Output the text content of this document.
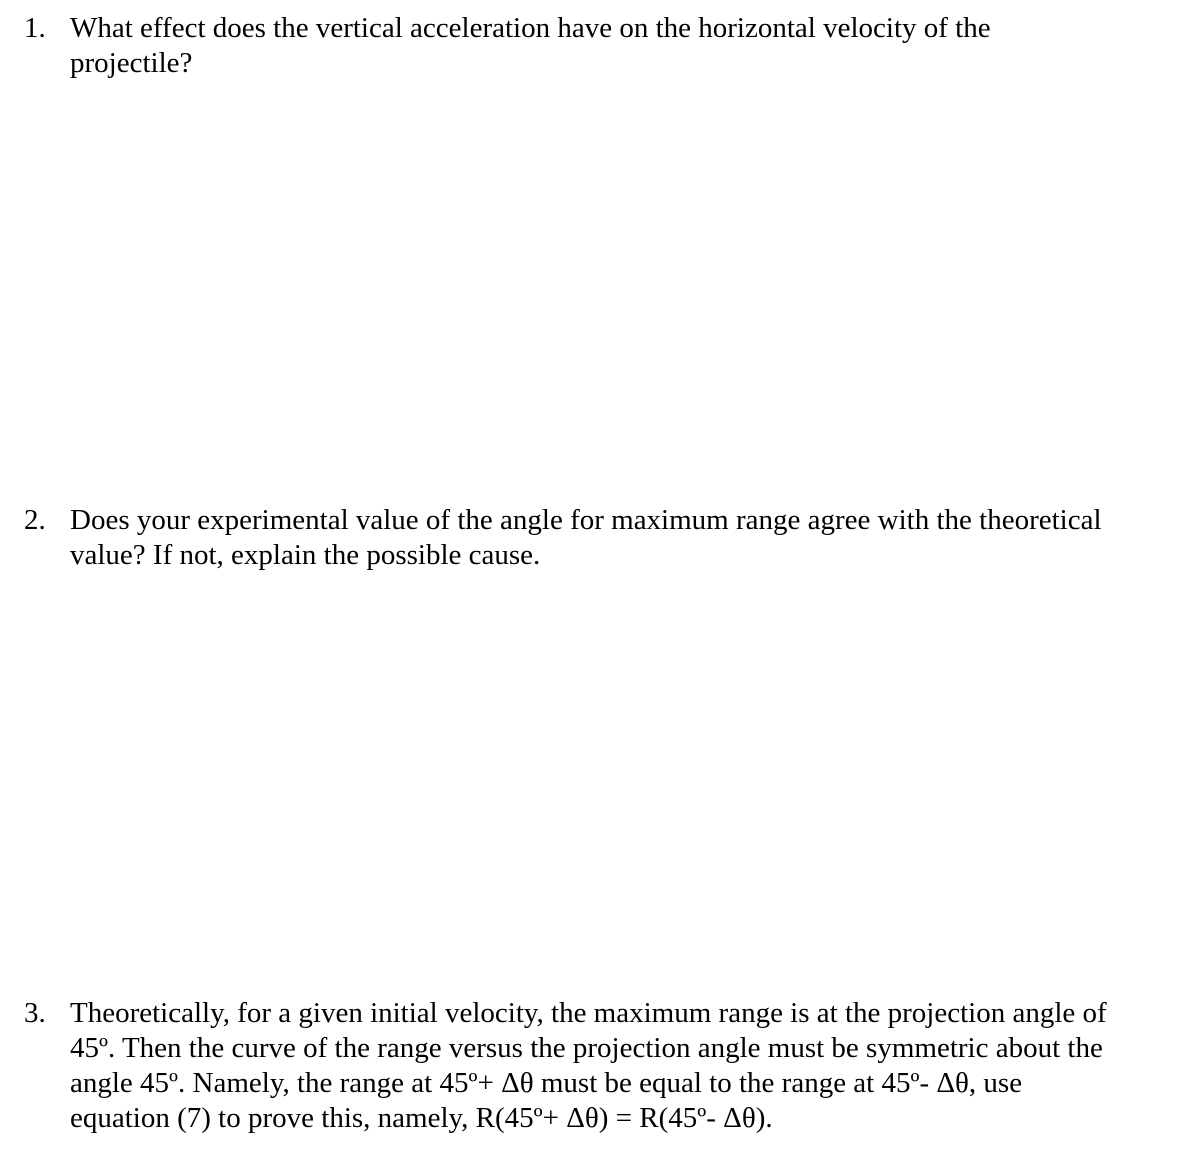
1. What effect does the vertical acceleration have on the horizontal velocity of the
projectile?
2. Does your experimental value of the angle for maximum range agree with the theoretical
value? If not, explain the possible cause.
3. Theoretically, for a given initial velocity, the maximum range is at the projection angle of
45º. Then the curve of the range versus the projection angle must be symmetric about the
angle 45º. Namely, the range at 45º+ Δθ must be equal to the range at 45º- Δθ, use
equation (7) to prove this, namely, R(45º+ Δθ) = R(45º- Δθ).
